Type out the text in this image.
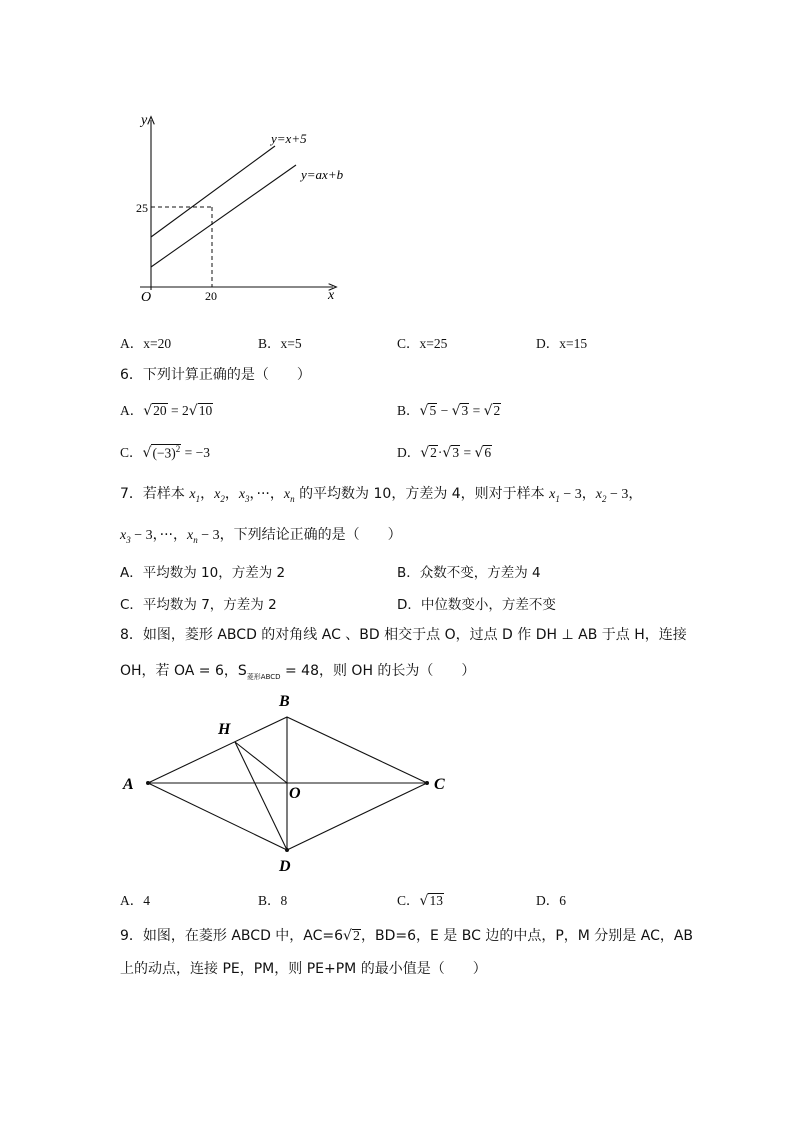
y
x
O
25
20
y=x+5
y=ax+b
A．x=20	B．x=5	C．x=25	D．x=15
6．下列计算正确的是（　　）
A．√20 = 2√10	B．√5 − √3 = √2
C．$√(-3)^2 = -3$	D．√2·√3 = √6
7．若样本 $x_1$，$x_2$，$x_3$，···，$x_n$ 的平均数为 10，方差为 4，则对于样本 $x_1 - 3$，$x_2 - 3$，
$x_3 - 3$，···，$x_n - 3$，下列结论正确的是（　　）
A．平均数为 10，方差为 2	B．众数不变，方差为 4
C．平均数为 7，方差为 2	D．中位数变小，方差不变
8．如图，菱形 ABCD 的对角线 AC 、BD 相交于点 O，过点 D 作 DH ⊥ AB 于点 H，连接
OH，若 OA = 6，$S_{菱形ABCD} = 48$，则 OH 的长为（　　）
A
B
C
D
H
O
A．4	B．8	C．√13	D．6
9．如图，在菱形 ABCD 中，AC=6√2，BD=6，E 是 BC 边的中点，P，M 分别是 AC，AB
上的动点，连接 PE，PM，则 PE+PM 的最小值是（　　）
